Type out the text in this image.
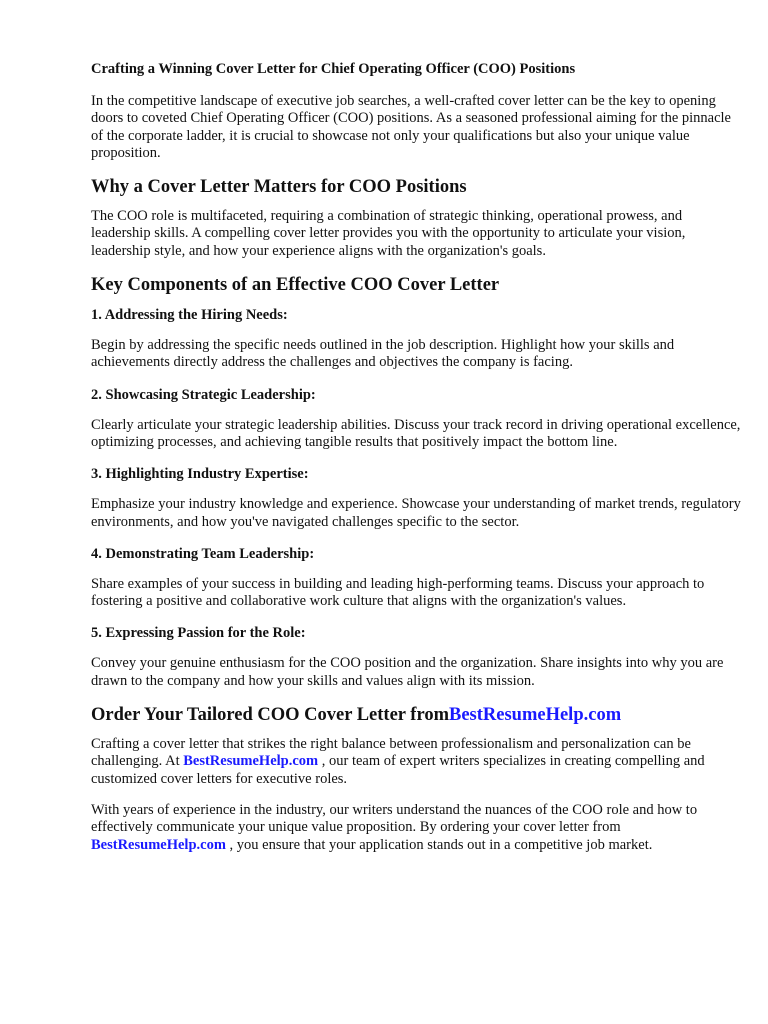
Crafting a Winning Cover Letter for Chief Operating Officer (COO) Positions

In the competitive landscape of executive job searches, a well-crafted cover letter can be the key to opening doors to coveted Chief Operating Officer (COO) positions. As a seasoned professional aiming for the pinnacle of the corporate ladder, it is crucial to showcase not only your qualifications but also your unique value proposition.

Why a Cover Letter Matters for COO Positions

The COO role is multifaceted, requiring a combination of strategic thinking, operational prowess, and leadership skills. A compelling cover letter provides you with the opportunity to articulate your vision, leadership style, and how your experience aligns with the organization's goals.

Key Components of an Effective COO Cover Letter
1. Addressing the Hiring Needs:

Begin by addressing the specific needs outlined in the job description. Highlight how your skills and achievements directly address the challenges and objectives the company is facing.

2. Showcasing Strategic Leadership:

Clearly articulate your strategic leadership abilities. Discuss your track record in driving operational excellence, optimizing processes, and achieving tangible results that positively impact the bottom line.

3. Highlighting Industry Expertise:

Emphasize your industry knowledge and experience. Showcase your understanding of market trends, regulatory environments, and how you've navigated challenges specific to the sector.

4. Demonstrating Team Leadership:

Share examples of your success in building and leading high-performing teams. Discuss your approach to fostering a positive and collaborative work culture that aligns with the organization's values.

5. Expressing Passion for the Role:

Convey your genuine enthusiasm for the COO position and the organization. Share insights into why you are drawn to the company and how your skills and values align with its mission.

Order Your Tailored COO Cover Letter fromBestResumeHelp.com

Crafting a cover letter that strikes the right balance between professionalism and personalization can be challenging. At BestResumeHelp.com , our team of expert writers specializes in creating compelling and customized cover letters for executive roles.

With years of experience in the industry, our writers understand the nuances of the COO role and how to effectively communicate your unique value proposition. By ordering your cover letter from BestResumeHelp.com , you ensure that your application stands out in a competitive job market.
